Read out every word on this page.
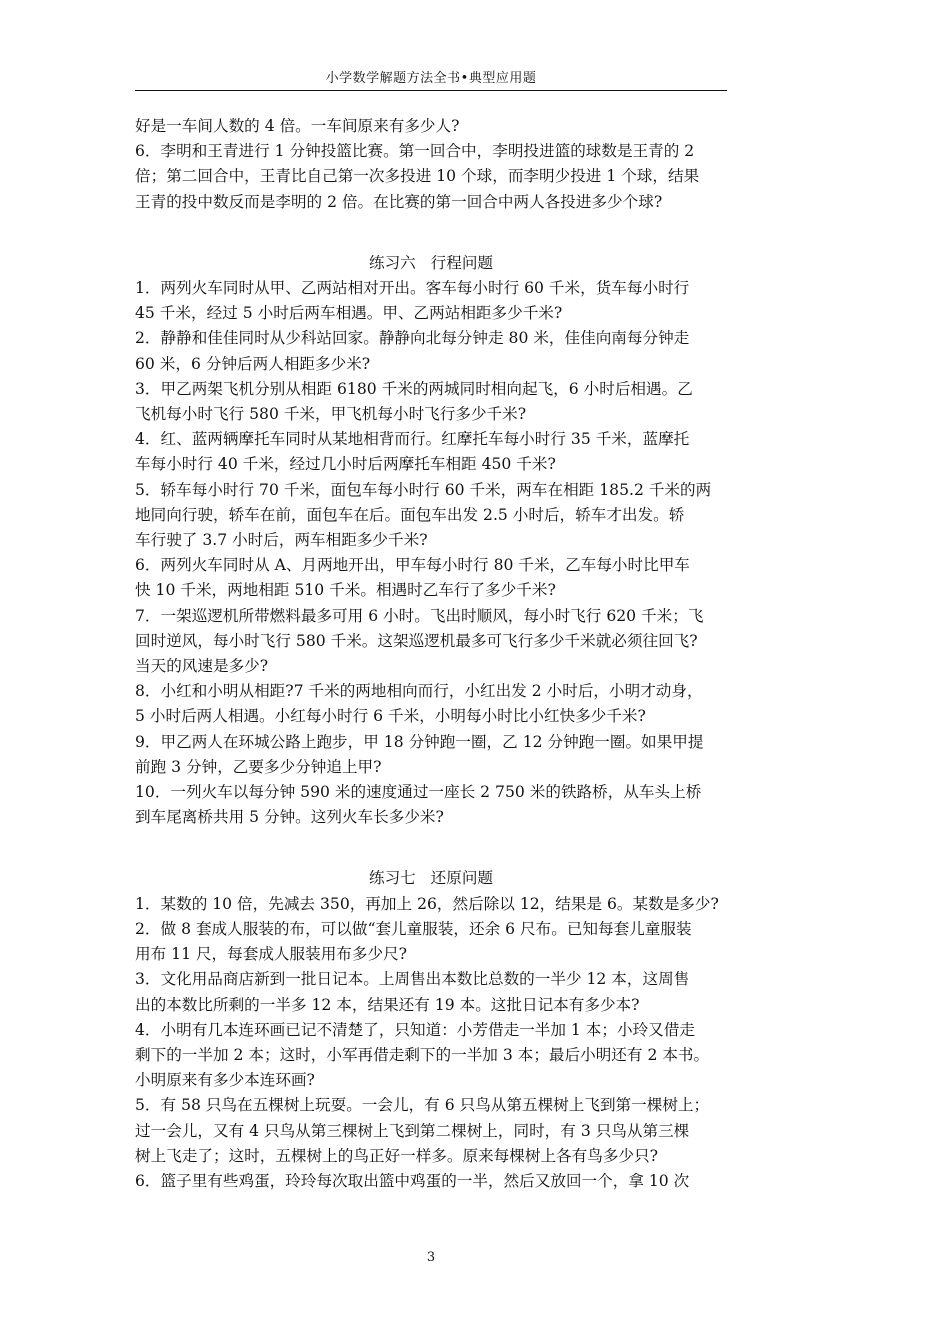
小学数学解题方法全书•典型应用题
好是一车间人数的 4 倍。一车间原来有多少人?
6．李明和王青进行 1 分钟投篮比赛。第一回合中，李明投进篮的球数是王青的 2
倍；第二回合中，王青比自己第一次多投进 10 个球，而李明少投进 1 个球，结果
王青的投中数反而是李明的 2 倍。在比赛的第一回合中两人各投进多少个球?
练习六   行程问题
1．两列火车同时从甲、乙两站相对开出。客车每小时行 60 千米，货车每小时行
45 千米，经过 5 小时后两车相遇。甲、乙两站相距多少千米?
2．静静和佳佳同时从少科站回家。静静向北每分钟走 80 米，佳佳向南每分钟走
60 米，6 分钟后两人相距多少米?
3．甲乙两架飞机分别从相距 6180 千米的两城同时相向起飞，6 小时后相遇。乙
飞机每小时飞行 580 千米，甲飞机每小时飞行多少千米?
4．红、蓝两辆摩托车同时从某地相背而行。红摩托车每小时行 35 千米，蓝摩托
车每小时行 40 千米，经过几小时后两摩托车相距 450 千米?
5．轿车每小时行 70 千米，面包车每小时行 60 千米，两车在相距 185.2 千米的两
地同向行驶，轿车在前，面包车在后。面包车出发 2.5 小时后，轿车才出发。轿
车行驶了 3.7 小时后，两车相距多少千米?
6．两列火车同时从 A、月两地开出，甲车每小时行 80 千米，乙车每小时比甲车
快 10 千米，两地相距 510 千米。相遇时乙车行了多少千米?
7．一架巡逻机所带燃料最多可用 6 小时。飞出时顺风，每小时飞行 620 千米；飞
回时逆风，每小时飞行 580 千米。这架巡逻机最多可飞行多少千米就必须往回飞?
当天的风速是多少?
8．小红和小明从相距?7 千米的两地相向而行，小红出发 2 小时后，小明才动身，
5 小时后两人相遇。小红每小时行 6 千米，小明每小时比小红快多少千米?
9．甲乙两人在环城公路上跑步，甲 18 分钟跑一圈，乙 12 分钟跑一圈。如果甲提
前跑 3 分钟，乙要多少分钟追上甲?
10．一列火车以每分钟 590 米的速度通过一座长 2 750 米的铁路桥，从车头上桥
到车尾离桥共用 5 分钟。这列火车长多少米?
练习七   还原问题
1．某数的 10 倍，先减去 350，再加上 26，然后除以 12，结果是 6。某数是多少?
2．做 8 套成人服装的布，可以做“套儿童服装，还余 6 尺布。已知每套儿童服装
用布 11 尺，每套成人服装用布多少尺?
3．文化用品商店新到一批日记本。上周售出本数比总数的一半少 12 本，这周售
出的本数比所剩的一半多 12 本，结果还有 19 本。这批日记本有多少本?
4．小明有几本连环画已记不清楚了，只知道：小芳借走一半加 1 本；小玲又借走
剩下的一半加 2 本；这时，小军再借走剩下的一半加 3 本；最后小明还有 2 本书。
小明原来有多少本连环画?
5．有 58 只鸟在五棵树上玩耍。一会儿，有 6 只鸟从第五棵树上飞到第一棵树上；
过一会儿，又有 4 只鸟从第三棵树上飞到第二棵树上，同时，有 3 只鸟从第三棵
树上飞走了；这时，五棵树上的鸟正好一样多。原来每棵树上各有鸟多少只?
6．篮子里有些鸡蛋，玲玲每次取出篮中鸡蛋的一半，然后又放回一个，拿 10 次
3
